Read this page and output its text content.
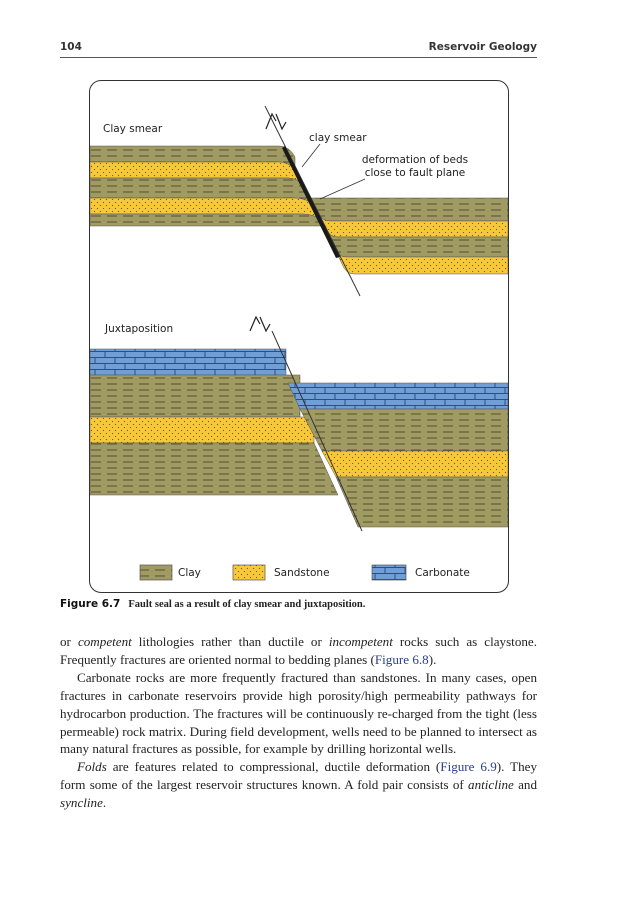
104	Reservoir Geology
Clay smear
clay smear
deformation of beds
close to fault plane
Juxtaposition
Clay	Sandstone	Carbonate
Figure 6.7 Fault seal as a result of clay smear and juxtaposition.

or competent lithologies rather than ductile or incompetent rocks such as claystone. Frequently fractures are oriented normal to bedding planes (Figure 6.8).

Carbonate rocks are more frequently fractured than sandstones. In many cases, open fractures in carbonate reservoirs provide high porosity/high permeability pathways for hydrocarbon production. The fractures will be continuously re-charged from the tight (less permeable) rock matrix. During field development, wells need to be planned to intersect as many natural fractures as possible, for example by drilling horizontal wells.

Folds are features related to compressional, ductile deformation (Figure 6.9). They form some of the largest reservoir structures known. A fold pair consists of anticline and syncline.
